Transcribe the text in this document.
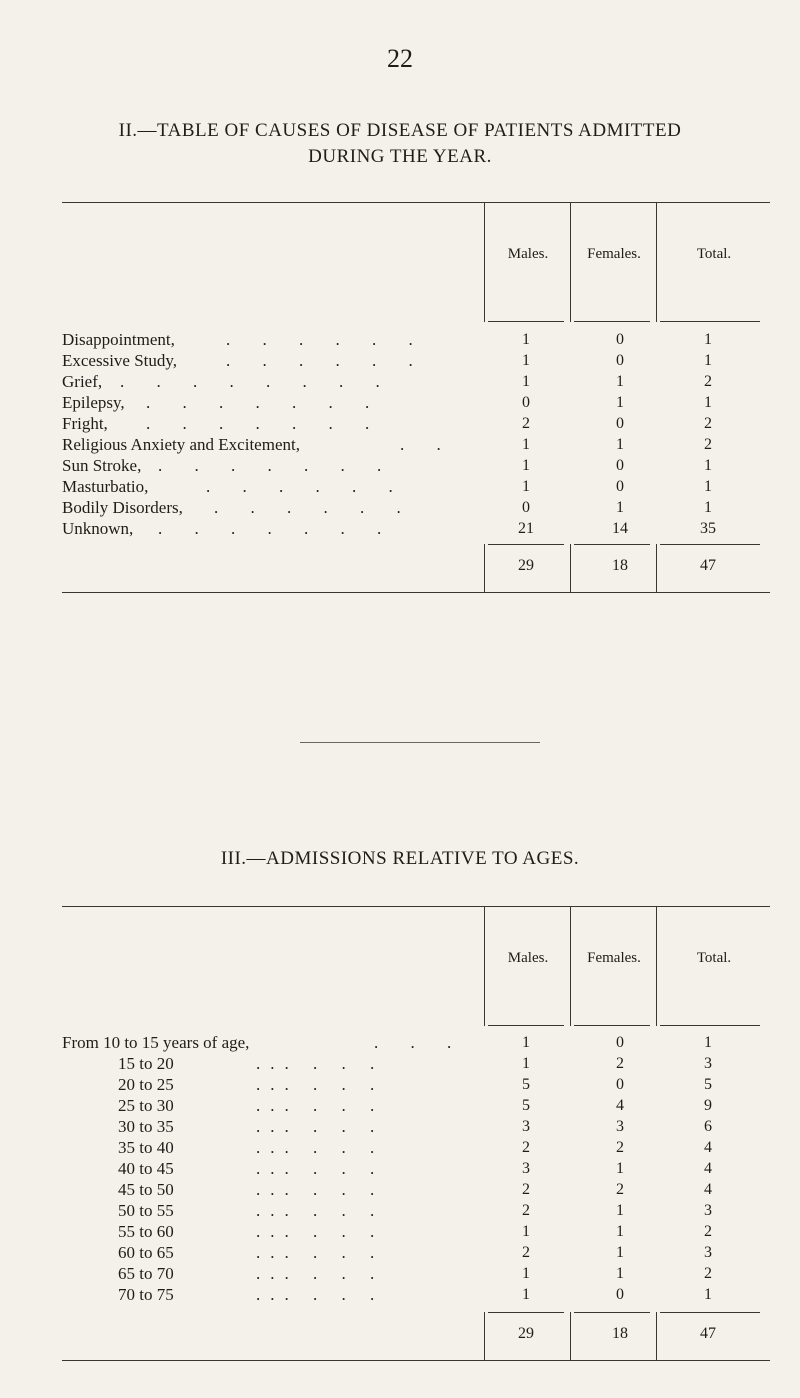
22
II.—TABLE OF CAUSES OF DISEASE OF PATIENTS ADMITTED
DURING THE YEAR.
Males.	Females.	Total.
Disappointment,	. . . . . .	1	0	1
Excessive Study,	. . . . . .	1	0	1
Grief, . . . . . . . .	1	1	2
Epilepsy, . . . . . . .	0	1	1
Fright, . . . . . . .	2	0	2
Religious Anxiety and Excitement,	. .	1	1	2
Sun Stroke, . . . . . . .	1	0	1
Masturbatio,	. . . . . .	1	0	1
Bodily Disorders, . . . . . .	0	1	1
Unknown, . . . . . . .	21	14	35
29	18	47
III.—ADMISSIONS RELATIVE TO AGES.
Males.	Females.	Total.
From 10 to 15 years of age,	. . .	1	0	1
15 to 20	... . . .	1	2	3
20 to 25	... . . .	5	0	5
25 to 30	... . . .	5	4	9
30 to 35	... . . .	3	3	6
35 to 40	... . . .	2	2	4
40 to 45	... . . .	3	1	4
45 to 50	... . . .	2	2	4
50 to 55	... . . .	2	1	3
55 to 60	... . . .	1	1	2
60 to 65	... . . .	2	1	3
65 to 70	... . . .	1	1	2
70 to 75	... . . .	1	0	1
29	18	47
